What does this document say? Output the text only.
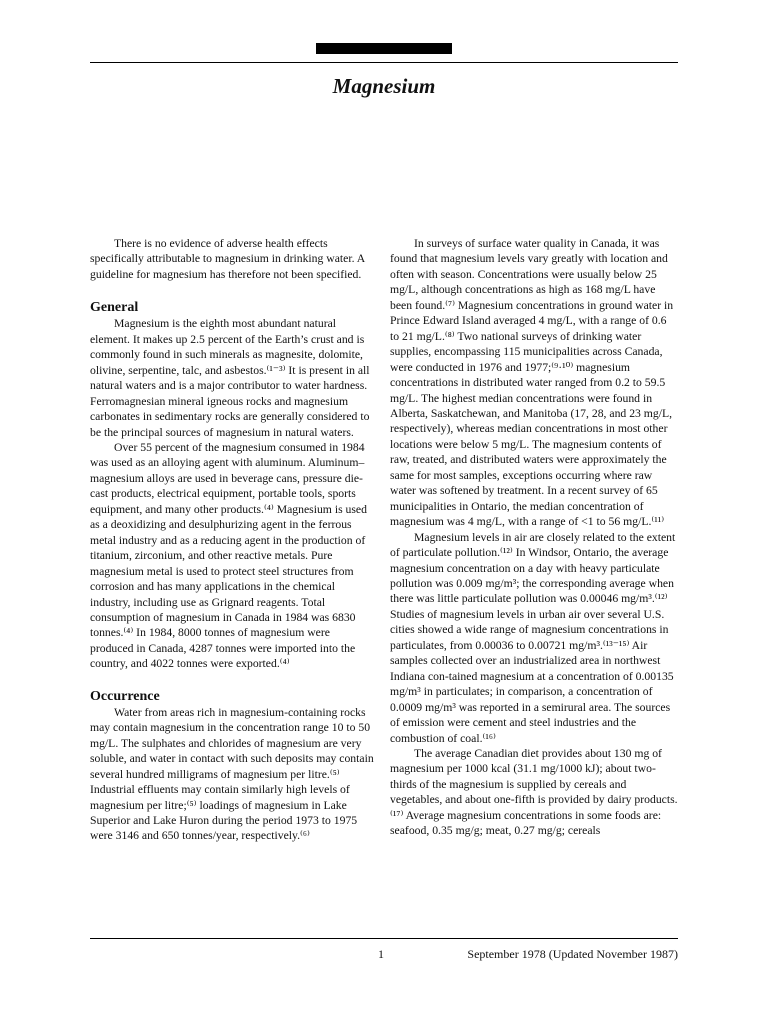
Magnesium

There is no evidence of adverse health effects specifically attributable to magnesium in drinking water. A guideline for magnesium has therefore not been specified.

General

Magnesium is the eighth most abundant natural element. It makes up 2.5 percent of the Earth’s crust and is commonly found in such minerals as magnesite, dolomite, olivine, serpentine, talc, and asbestos.⁽¹⁻³⁾ It is present in all natural waters and is a major contributor to water hardness. Ferromagnesian mineral igneous rocks and magnesium carbonates in sedimentary rocks are generally considered to be the principal sources of magnesium in natural waters.

Over 55 percent of the magnesium consumed in 1984 was used as an alloying agent with aluminum. Aluminum–magnesium alloys are used in beverage cans, pressure die-cast products, electrical equipment, portable tools, sports equipment, and many other products.⁽⁴⁾ Magnesium is used as a deoxidizing and desulphurizing agent in the ferrous metal industry and as a reducing agent in the production of titanium, zirconium, and other reactive metals. Pure magnesium metal is used to protect steel structures from corrosion and has many applications in the chemical industry, including use as Grignard reagents. Total consumption of magnesium in Canada in 1984 was 6830 tonnes.⁽⁴⁾ In 1984, 8000 tonnes of magnesium were produced in Canada, 4287 tonnes were imported into the country, and 4022 tonnes were exported.⁽⁴⁾

Occurrence

Water from areas rich in magnesium-containing rocks may contain magnesium in the concentration range 10 to 50 mg/L. The sulphates and chlorides of magnesium are very soluble, and water in contact with such deposits may contain several hundred milligrams of magnesium per litre.⁽⁵⁾ Industrial effluents may contain similarly high levels of magnesium per litre;⁽⁵⁾ loadings of magnesium in Lake Superior and Lake Huron during the period 1973 to 1975 were 3146 and 650 tonnes/year, respectively.⁽⁶⁾

In surveys of surface water quality in Canada, it was found that magnesium levels vary greatly with location and often with season. Concentrations were usually below 25 mg/L, although concentrations as high as 168 mg/L have been found.⁽⁷⁾ Magnesium concentrations in ground water in Prince Edward Island averaged 4 mg/L, with a range of 0.6 to 21 mg/L.⁽⁸⁾ Two national surveys of drinking water supplies, encompassing 115 municipalities across Canada, were conducted in 1976 and 1977;⁽⁹·¹⁰⁾ magnesium concentrations in distributed water ranged from 0.2 to 59.5 mg/L. The highest median concentrations were found in Alberta, Saskatchewan, and Manitoba (17, 28, and 23 mg/L, respectively), whereas median concentrations in most other locations were below 5 mg/L. The magnesium contents of raw, treated, and distributed waters were approximately the same for most samples, exceptions occurring where raw water was softened by treatment. In a recent survey of 65 municipalities in Ontario, the median concentration of magnesium was 4 mg/L, with a range of <1 to 56 mg/L.⁽¹¹⁾

Magnesium levels in air are closely related to the extent of particulate pollution.⁽¹²⁾ In Windsor, Ontario, the average magnesium concentration on a day with heavy particulate pollution was 0.009 mg/m³; the corresponding average when there was little particulate pollution was 0.00046 mg/m³.⁽¹²⁾ Studies of magnesium levels in urban air over several U.S. cities showed a wide range of magnesium concentrations in particulates, from 0.00036 to 0.00721 mg/m³.⁽¹³⁻¹⁵⁾ Air samples collected over an industrialized area in northwest Indiana con-tained magnesium at a concentration of 0.00135 mg/m³ in particulates; in comparison, a concentration of 0.0009 mg/m³ was reported in a semirural area. The sources of emission were cement and steel industries and the combustion of coal.⁽¹⁶⁾

The average Canadian diet provides about 130 mg of magnesium per 1000 kcal (31.1 mg/1000 kJ); about two-thirds of the magnesium is supplied by cereals and vegetables, and about one-fifth is provided by dairy products.⁽¹⁷⁾ Average magnesium concentrations in some foods are: seafood, 0.35 mg/g; meat, 0.27 mg/g; cereals

1	September 1978 (Updated November 1987)
